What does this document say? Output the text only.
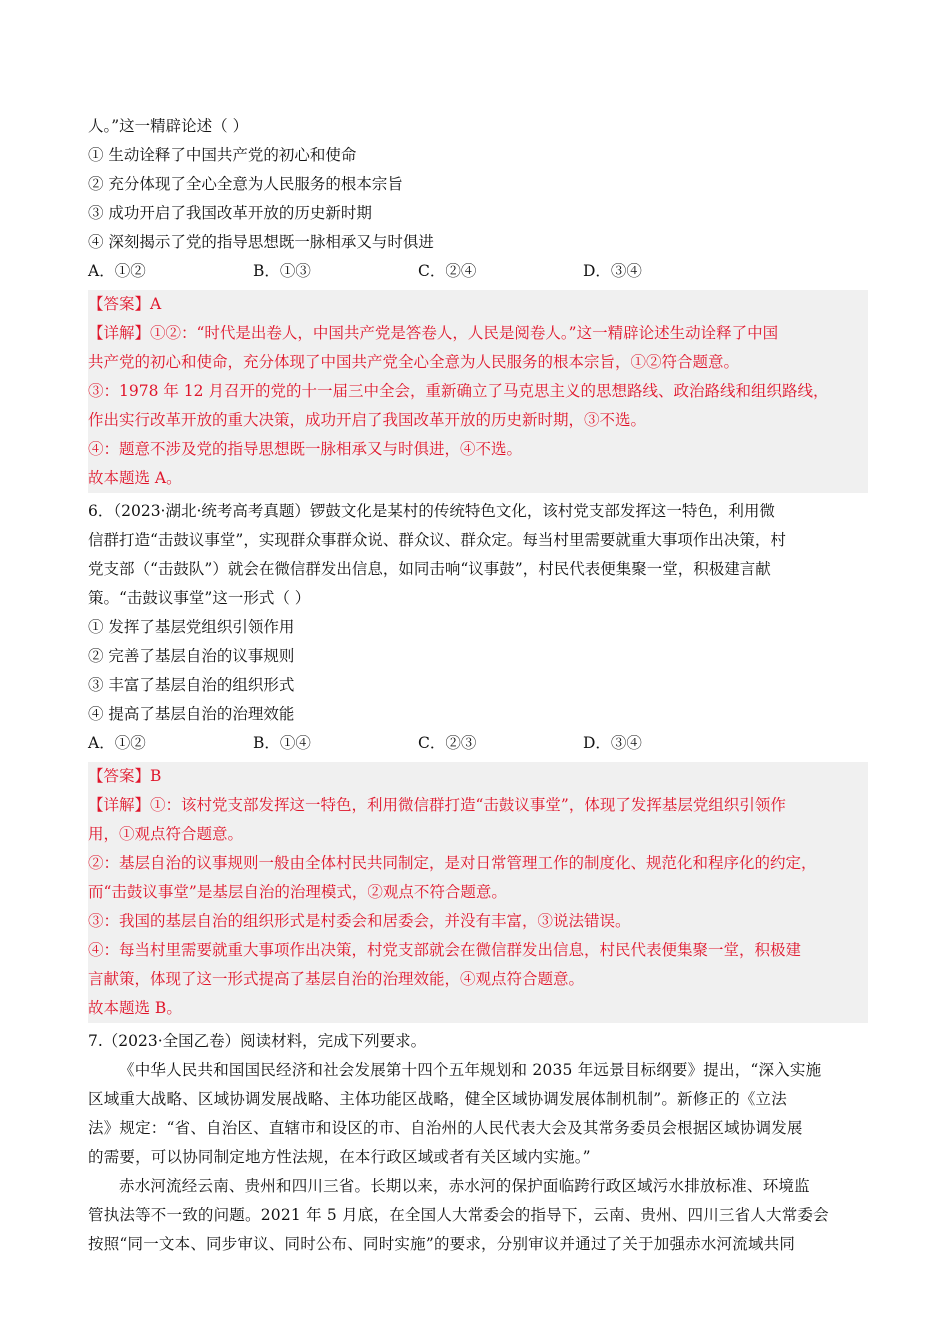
人。”这一精辟论述（ ）
① 生动诠释了中国共产党的初心和使命
② 充分体现了全心全意为人民服务的根本宗旨
③ 成功开启了我国改革开放的历史新时期
④ 深刻揭示了党的指导思想既一脉相承又与时俱进
A．①②	B．①③	C．②④	D．③④
【答案】A
【详解】①②：“时代是出卷人，中国共产党是答卷人，人民是阅卷人。”这一精辟论述生动诠释了中国
共产党的初心和使命，充分体现了中国共产党全心全意为人民服务的根本宗旨，①②符合题意。
③：1978 年 12 月召开的党的十一届三中全会，重新确立了马克思主义的思想路线、政治路线和组织路线，
作出实行改革开放的重大决策，成功开启了我国改革开放的历史新时期，③不选。
④：题意不涉及党的指导思想既一脉相承又与时俱进，④不选。
故本题选 A。
6．（2023·湖北·统考高考真题）锣鼓文化是某村的传统特色文化，该村党支部发挥这一特色，利用微
信群打造“击鼓议事堂”，实现群众事群众说、群众议、群众定。每当村里需要就重大事项作出决策，村
党支部（“击鼓队”）就会在微信群发出信息，如同击响“议事鼓”，村民代表便集聚一堂，积极建言献
策。“击鼓议事堂”这一形式（ ）
① 发挥了基层党组织引领作用
② 完善了基层自治的议事规则
③ 丰富了基层自治的组织形式
④ 提高了基层自治的治理效能
A．①②	B．①④	C．②③	D．③④
【答案】B
【详解】①：该村党支部发挥这一特色，利用微信群打造“击鼓议事堂”，体现了发挥基层党组织引领作
用，①观点符合题意。
②：基层自治的议事规则一般由全体村民共同制定，是对日常管理工作的制度化、规范化和程序化的约定，
而“击鼓议事堂”是基层自治的治理模式，②观点不符合题意。
③：我国的基层自治的组织形式是村委会和居委会，并没有丰富，③说法错误。
④：每当村里需要就重大事项作出决策，村党支部就会在微信群发出信息，村民代表便集聚一堂，积极建
言献策，体现了这一形式提高了基层自治的治理效能，④观点符合题意。
故本题选 B。
7.（2023·全国乙卷）阅读材料，完成下列要求。
《中华人民共和国国民经济和社会发展第十四个五年规划和 2035 年远景目标纲要》提出，“深入实施
区域重大战略、区域协调发展战略、主体功能区战略，健全区域协调发展体制机制”。新修正的《立法
法》规定：“省、自治区、直辖市和设区的市、自治州的人民代表大会及其常务委员会根据区域协调发展
的需要，可以协同制定地方性法规，在本行政区域或者有关区域内实施。”
赤水河流经云南、贵州和四川三省。长期以来，赤水河的保护面临跨行政区域污水排放标准、环境监
管执法等不一致的问题。2021 年 5 月底，在全国人大常委会的指导下，云南、贵州、四川三省人大常委会
按照“同一文本、同步审议、同时公布、同时实施”的要求，分别审议并通过了关于加强赤水河流域共同
